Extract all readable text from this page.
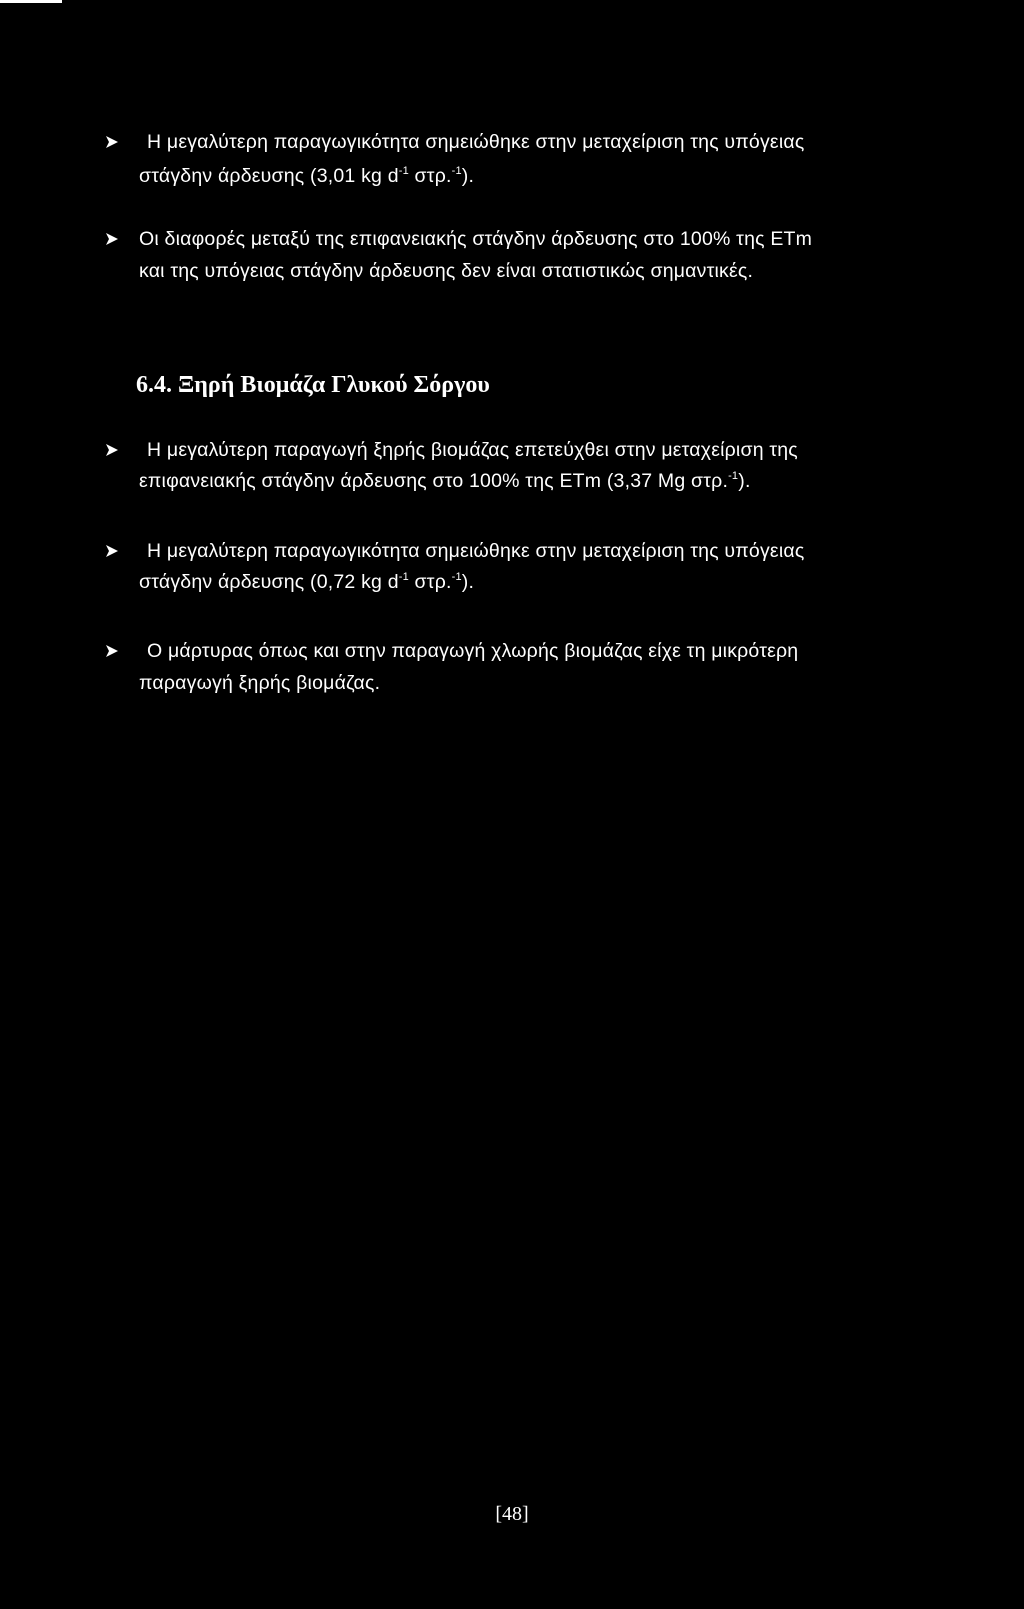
Η μεγαλύτερη παραγωγικότητα σημειώθηκε στην μεταχείριση της υπόγειας
στάγδην άρδευσης (3,01 kg $d^{-1}$ στρ.$^{-1}$).
Οι διαφορές μεταξύ της επιφανειακής στάγδην άρδευσης στο 100% της ETm
και της υπόγειας στάγδην άρδευσης δεν είναι στατιστικώς σημαντικές.
6.4. Ξηρή Βιομάζα Γλυκού Σόργου
Η μεγαλύτερη παραγωγή ξηρής βιομάζας επετεύχθει στην μεταχείριση της
επιφανειακής στάγδην άρδευσης στο 100% της ETm (3,37 Mg στρ.$^{-1}$).
Η μεγαλύτερη παραγωγικότητα σημειώθηκε στην μεταχείριση της υπόγειας
στάγδην άρδευσης (0,72 kg $d^{-1}$ στρ.$^{-1}$).
Ο μάρτυρας όπως και στην παραγωγή χλωρής βιομάζας είχε τη μικρότερη
παραγωγή ξηρής βιομάζας.
[48]
